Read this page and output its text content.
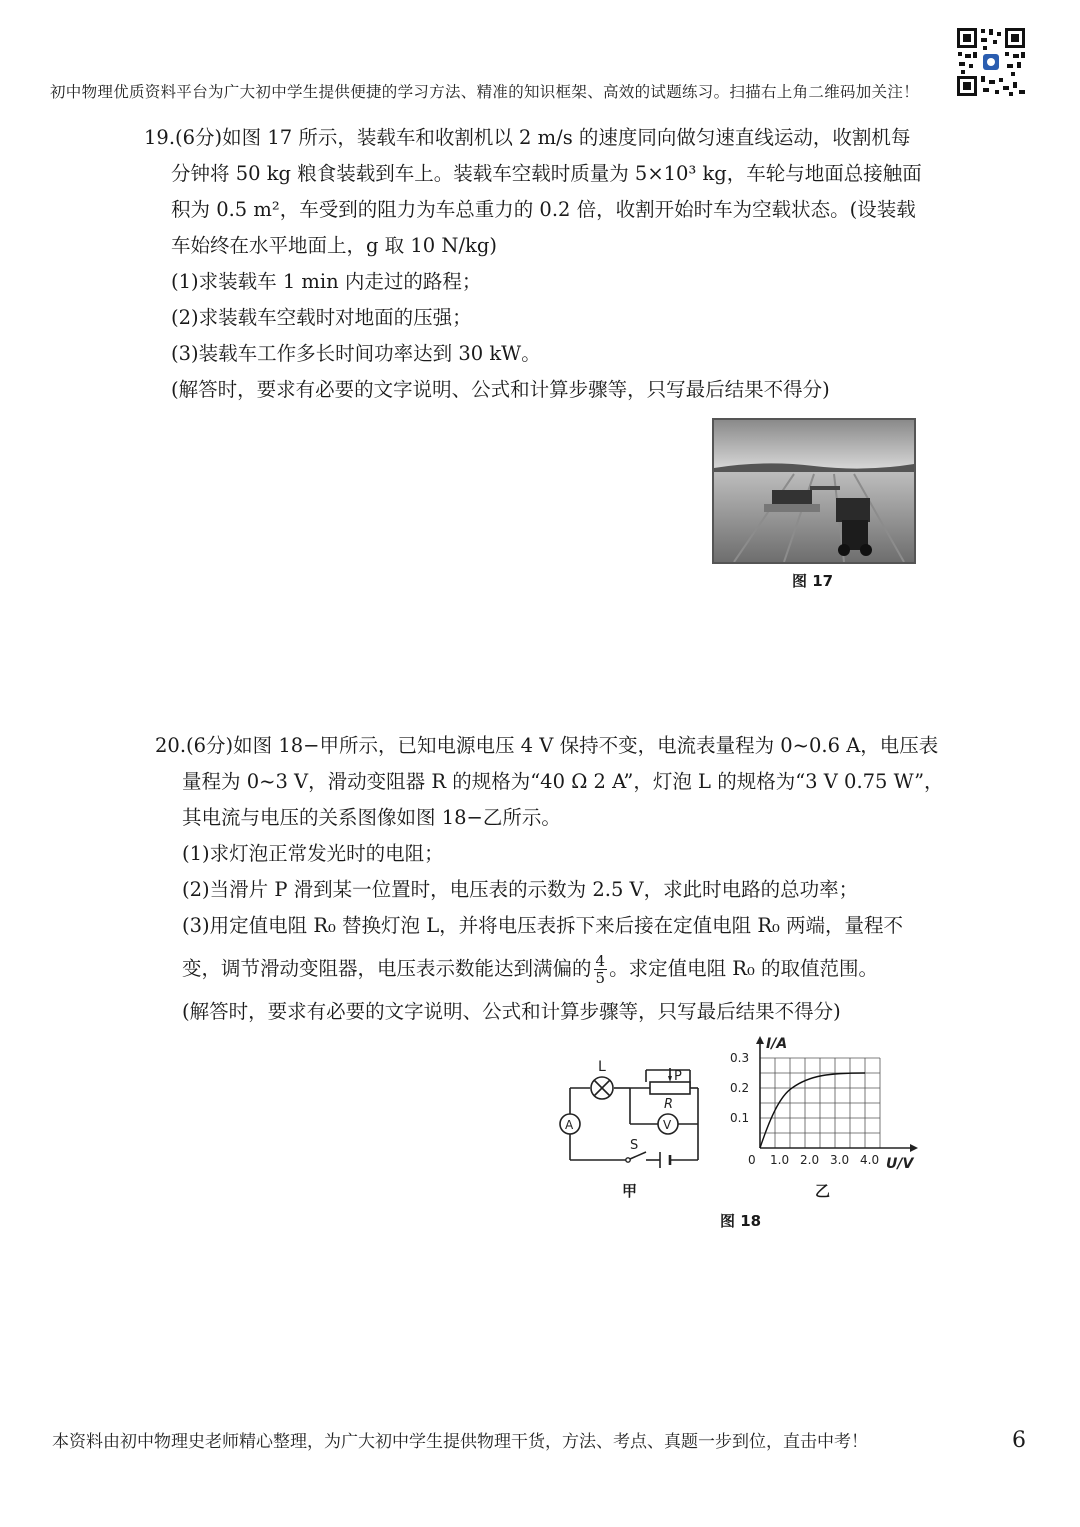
初中物理优质资料平台为广大初中学生提供便捷的学习方法、精准的知识框架、高效的试题练习。扫描右上角二维码加关注！
19.(6分)如图 17 所示，装载车和收割机以 2 m/s 的速度同向做匀速直线运动，收割机每
分钟将 50 kg 粮食装载到车上。装载车空载时质量为 5×10³ kg，车轮与地面总接触面
积为 0.5 m²，车受到的阻力为车总重力的 0.2 倍，收割开始时车为空载状态。(设装载
车始终在水平地面上，g 取 10 N/kg)
(1)求装载车 1 min 内走过的路程；
(2)求装载车空载时对地面的压强；
(3)装载车工作多长时间功率达到 30 kW。
(解答时，要求有必要的文字说明、公式和计算步骤等，只写最后结果不得分)
图 17
20.(6分)如图 18−甲所示，已知电源电压 4 V 保持不变，电流表量程为 0~0.6 A，电压表
量程为 0~3 V，滑动变阻器 R 的规格为“40 Ω 2 A”，灯泡 L 的规格为“3 V 0.75 W”，
其电流与电压的关系图像如图 18−乙所示。
(1)求灯泡正常发光时的电阻；
(2)当滑片 P 滑到某一位置时，电压表的示数为 2.5 V，求此时电路的总功率；
(3)用定值电阻 R₀ 替换灯泡 L，并将电压表拆下来后接在定值电阻 R₀ 两端，量程不
变，调节滑动变阻器，电压表示数能达到满偏的 $\frac{4}{5}$ 。求定值电阻 R₀ 的取值范围。
(解答时，要求有必要的文字说明、公式和计算步骤等，只写最后结果不得分)
L
P
R
V
A
S
甲
I/A
0.3
0.2
0.1
0 1.0 2.0 3.0 4.0 U/V
乙
图 18
本资料由初中物理史老师精心整理，为广大初中学生提供物理干货，方法、考点、真题一步到位，直击中考！	6
